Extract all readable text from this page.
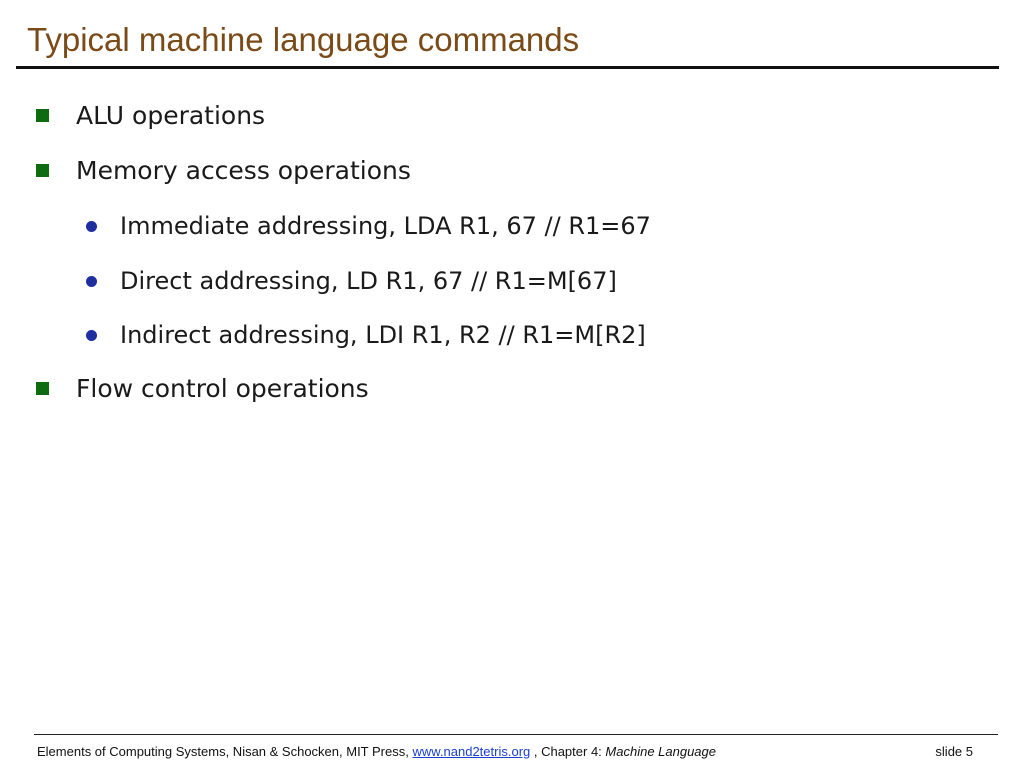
Typical machine language commands
ALU operations
Memory access operations
Immediate addressing, LDA R1, 67 // R1=67
Direct addressing, LD R1, 67 // R1=M[67]
Indirect addressing, LDI R1, R2 // R1=M[R2]
Flow control operations
Elements of Computing Systems, Nisan & Schocken, MIT Press, www.nand2tetris.org , Chapter 4: Machine Language	slide 5
